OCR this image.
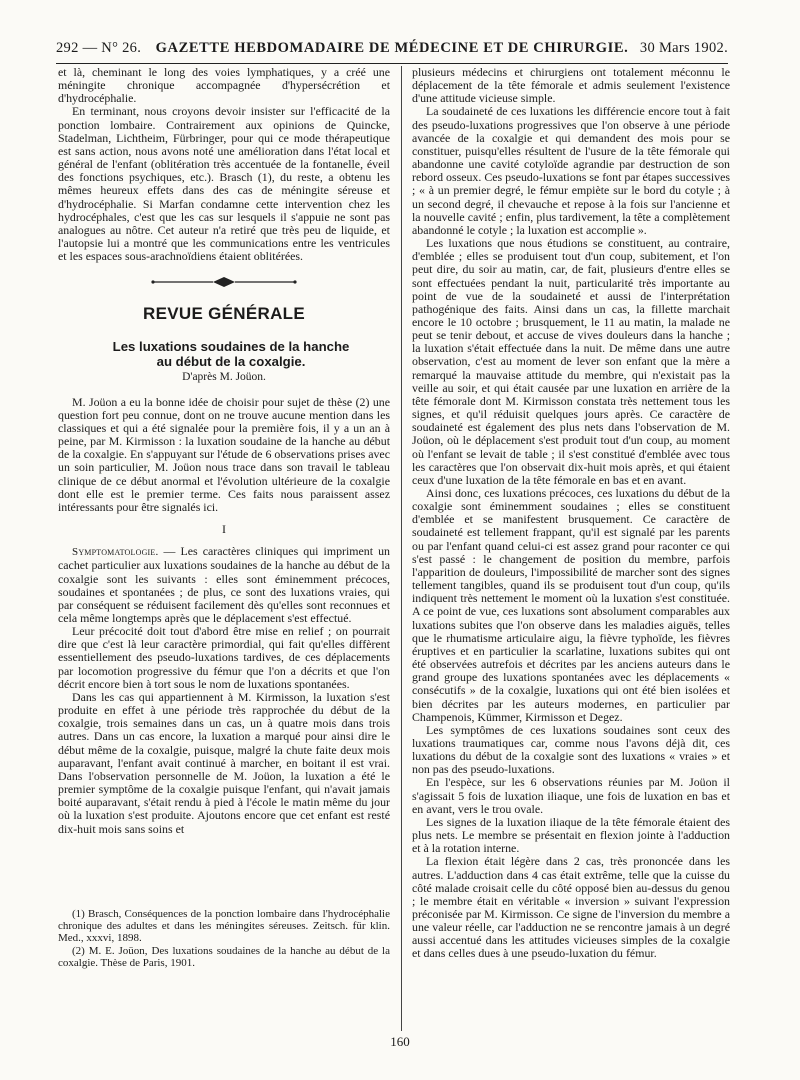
292 — N° 26.	GAZETTE HEBDOMADAIRE DE MÉDECINE ET DE CHIRURGIE. 30 Mars 1902.

et là, cheminant le long des voies lymphatiques, y a créé une méningite chronique accompagnée d'hypersécrétion et d'hydrocéphalie.

En terminant, nous croyons devoir insister sur l'efficacité de la ponction lombaire. Contrairement aux opinions de Quincke, Stadelman, Lichtheim, Fürbringer, pour qui ce mode thérapeutique est sans action, nous avons noté une amélioration dans l'état local et général de l'enfant (oblitération très accentuée de la fontanelle, éveil des fonctions psychiques, etc.). Brasch (1), du reste, a obtenu les mêmes heureux effets dans des cas de méningite séreuse et d'hydrocéphalie. Si Marfan condamne cette intervention chez les hydrocéphales, c'est que les cas sur lesquels il s'appuie ne sont pas analogues au nôtre. Cet auteur n'a retiré que très peu de liquide, et l'autopsie lui a montré que les communications entre les ventricules et les espaces sous-arachnoïdiens étaient oblitérées.

REVUE GÉNÉRALE

Les luxations soudaines de la hanche

au début de la coxalgie.

D'après M. Joüon.

M. Joüon a eu la bonne idée de choisir pour sujet de thèse (2) une question fort peu connue, dont on ne trouve aucune mention dans les classiques et qui a été signalée pour la première fois, il y a un an à peine, par M. Kirmisson : la luxation soudaine de la hanche au début de la coxalgie. En s'appuyant sur l'étude de 6 observations prises avec un soin particulier, M. Joüon nous trace dans son travail le tableau clinique de ce début anormal et l'évolution ultérieure de la coxalgie dont elle est le premier terme. Ces faits nous paraissent assez intéressants pour être signalés ici.

I

Symptomatologie. — Les caractères cliniques qui impriment un cachet particulier aux luxations soudaines de la hanche au début de la coxalgie sont les suivants : elles sont éminemment précoces, soudaines et spontanées ; de plus, ce sont des luxations vraies, qui par conséquent se réduisent facilement dès qu'elles sont reconnues et cela même longtemps après que le déplacement s'est effectué.

Leur précocité doit tout d'abord être mise en relief ; on pourrait dire que c'est là leur caractère primordial, qui fait qu'elles diffèrent essentiellement des pseudo-luxations tardives, de ces déplacements par locomotion progressive du fémur que l'on a décrits et que l'on décrit encore bien à tort sous le nom de luxations spontanées.

Dans les cas qui appartiennent à M. Kirmisson, la luxation s'est produite en effet à une période très rapprochée du début de la coxalgie, trois semaines dans un cas, un à quatre mois dans trois autres. Dans un cas encore, la luxation a marqué pour ainsi dire le début même de la coxalgie, puisque, malgré la chute faite deux mois auparavant, l'enfant avait continué à marcher, en boitant il est vrai. Dans l'observation personnelle de M. Joüon, la luxation a été le premier symptôme de la coxalgie puisque l'enfant, qui n'avait jamais boité auparavant, s'était rendu à pied à l'école le matin même du jour où la luxation s'est produite. Ajoutons encore que cet enfant est resté dix-huit mois sans soins et

(1) Brasch, Conséquences de la ponction lombaire dans l'hydrocéphalie chronique des adultes et dans les méningites séreuses. Zeitsch. für klin. Med., xxxvi, 1898.

(2) M. E. Joüon, Des luxations soudaines de la hanche au début de la coxalgie. Thèse de Paris, 1901.

plusieurs médecins et chirurgiens ont totalement méconnu le déplacement de la tête fémorale et admis seulement l'existence d'une attitude vicieuse simple.

La soudaineté de ces luxations les différencie encore tout à fait des pseudo-luxations progressives que l'on observe à une période avancée de la coxalgie et qui demandent des mois pour se constituer, puisqu'elles résultent de l'usure de la tête fémorale qui abandonne une cavité cotyloïde agrandie par destruction de son rebord osseux. Ces pseudo-luxations se font par étapes successives ; « à un premier degré, le fémur empiète sur le bord du cotyle ; à un second degré, il chevauche et repose à la fois sur l'ancienne et la nouvelle cavité ; enfin, plus tardivement, la tête a complètement abandonné le cotyle ; la luxation est accomplie ».

Les luxations que nous étudions se constituent, au contraire, d'emblée ; elles se produisent tout d'un coup, subitement, et l'on peut dire, du soir au matin, car, de fait, plusieurs d'entre elles se sont effectuées pendant la nuit, particularité très importante au point de vue de la soudaineté et aussi de l'interprétation pathogénique des faits. Ainsi dans un cas, la fillette marchait encore le 10 octobre ; brusquement, le 11 au matin, la malade ne peut se tenir debout, et accuse de vives douleurs dans la hanche ; la luxation s'était effectuée dans la nuit. De même dans une autre observation, c'est au moment de lever son enfant que la mère a remarqué la mauvaise attitude du membre, qui n'existait pas la veille au soir, et qui était causée par une luxation en arrière de la tête fémorale dont M. Kirmisson constata très nettement tous les signes, et qu'il réduisit quelques jours après. Ce caractère de soudaineté est également des plus nets dans l'observation de M. Joüon, où le déplacement s'est produit tout d'un coup, au moment où l'enfant se levait de table ; il s'est constitué d'emblée avec tous les caractères que l'on observait dix-huit mois après, et qui étaient ceux d'une luxation de la tête fémorale en bas et en avant.

Ainsi donc, ces luxations précoces, ces luxations du début de la coxalgie sont éminemment soudaines ; elles se constituent d'emblée et se manifestent brusquement. Ce caractère de soudaineté est tellement frappant, qu'il est signalé par les parents ou par l'enfant quand celui-ci est assez grand pour raconter ce qui s'est passé : le changement de position du membre, parfois l'apparition de douleurs, l'impossibilité de marcher sont des signes tellement tangibles, quand ils se produisent tout d'un coup, qu'ils indiquent très nettement le moment où la luxation s'est constituée. A ce point de vue, ces luxations sont absolument comparables aux luxations subites que l'on observe dans les maladies aiguës, telles que le rhumatisme articulaire aigu, la fièvre typhoïde, les fièvres éruptives et en particulier la scarlatine, luxations subites qui ont été observées autrefois et décrites par les anciens auteurs dans le grand groupe des luxations spontanées avec les déplacements « consécutifs » de la coxalgie, luxations qui ont été bien isolées et bien décrites par les auteurs modernes, en particulier par Champenois, Kümmer, Kirmisson et Degez.

Les symptômes de ces luxations soudaines sont ceux des luxations traumatiques car, comme nous l'avons déjà dit, ces luxations du début de la coxalgie sont des luxations « vraies » et non pas des pseudo-luxations.

En l'espèce, sur les 6 observations réunies par M. Joüon il s'agissait 5 fois de luxation iliaque, une fois de luxation en bas et en avant, vers le trou ovale.

Les signes de la luxation iliaque de la tête fémorale étaient des plus nets. Le membre se présentait en flexion jointe à l'adduction et à la rotation interne.

La flexion était légère dans 2 cas, très prononcée dans les autres. L'adduction dans 4 cas était extrême, telle que la cuisse du côté malade croisait celle du côté opposé bien au-dessus du genou ; le membre était en véritable « inversion » suivant l'expression préconisée par M. Kirmisson. Ce signe de l'inversion du membre a une valeur réelle, car l'adduction ne se rencontre jamais à un degré aussi accentué dans les attitudes vicieuses simples de la coxalgie et dans celles dues à une pseudo-luxation du fémur.

160
